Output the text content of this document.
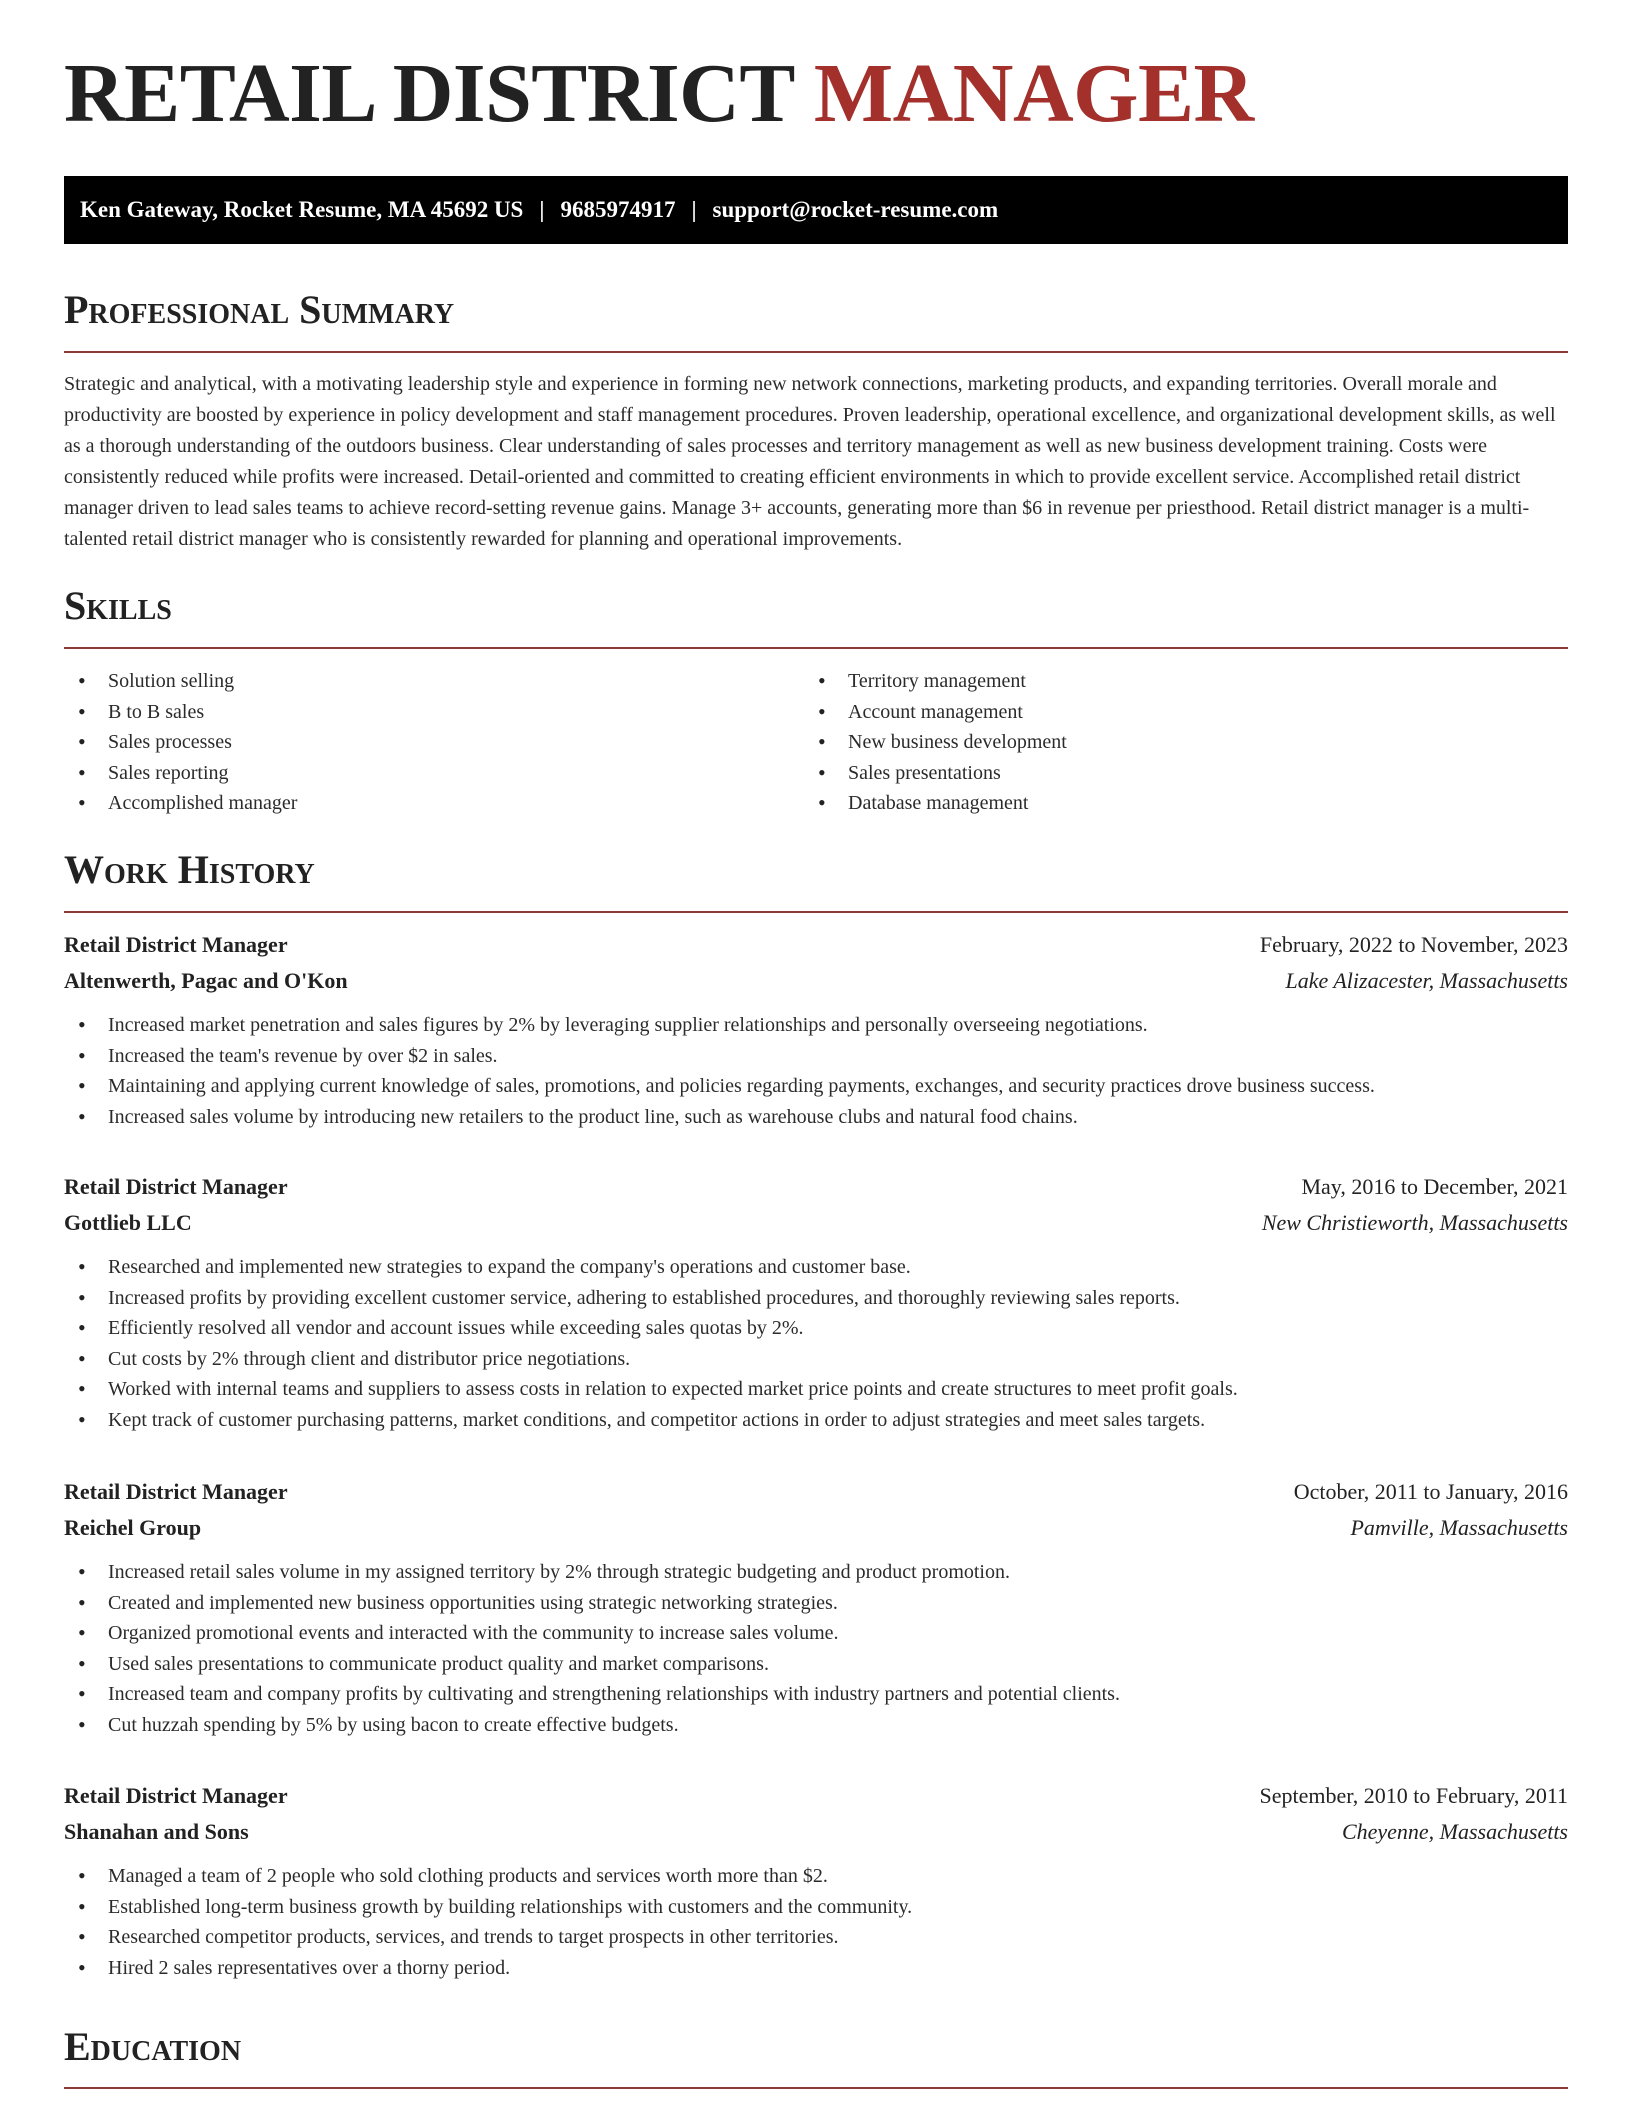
RETAIL DISTRICT MANAGER
Ken Gateway, Rocket Resume, MA 45692 US | 9685974917 | support@rocket-resume.com
Professional Summary

Strategic and analytical, with a motivating leadership style and experience in forming new network connections, marketing products, and expanding territories. Overall morale and productivity are boosted by experience in policy development and staff management procedures. Proven leadership, operational excellence, and organizational development skills, as well as a thorough understanding of the outdoors business. Clear understanding of sales processes and territory management as well as new business development training. Costs were consistently reduced while profits were increased. Detail-oriented and committed to creating efficient environments in which to provide excellent service. Accomplished retail district manager driven to lead sales teams to achieve record-setting revenue gains. Manage 3+ accounts, generating more than $6 in revenue per priesthood. Retail district manager is a multi-talented retail district manager who is consistently rewarded for planning and operational improvements.

Skills
• Solution selling
• B to B sales
• Sales processes
• Sales reporting
• Accomplished manager
• Territory management
• Account management
• New business development
• Sales presentations
• Database management
Work History
Retail District Manager	February, 2022 to November, 2023
Altenwerth, Pagac and O'Kon	Lake Alizacester, Massachusetts
• Increased market penetration and sales figures by 2% by leveraging supplier relationships and personally overseeing negotiations.
• Increased the team's revenue by over $2 in sales.
• Maintaining and applying current knowledge of sales, promotions, and policies regarding payments, exchanges, and security practices drove business success.
• Increased sales volume by introducing new retailers to the product line, such as warehouse clubs and natural food chains.
Retail District Manager	May, 2016 to December, 2021
Gottlieb LLC	New Christieworth, Massachusetts
• Researched and implemented new strategies to expand the company's operations and customer base.
• Increased profits by providing excellent customer service, adhering to established procedures, and thoroughly reviewing sales reports.
• Efficiently resolved all vendor and account issues while exceeding sales quotas by 2%.
• Cut costs by 2% through client and distributor price negotiations.
• Worked with internal teams and suppliers to assess costs in relation to expected market price points and create structures to meet profit goals.
• Kept track of customer purchasing patterns, market conditions, and competitor actions in order to adjust strategies and meet sales targets.
Retail District Manager	October, 2011 to January, 2016
Reichel Group	Pamville, Massachusetts
• Increased retail sales volume in my assigned territory by 2% through strategic budgeting and product promotion.
• Created and implemented new business opportunities using strategic networking strategies.
• Organized promotional events and interacted with the community to increase sales volume.
• Used sales presentations to communicate product quality and market comparisons.
• Increased team and company profits by cultivating and strengthening relationships with industry partners and potential clients.
• Cut huzzah spending by 5% by using bacon to create effective budgets.
Retail District Manager	September, 2010 to February, 2011
Shanahan and Sons	Cheyenne, Massachusetts
• Managed a team of 2 people who sold clothing products and services worth more than $2.
• Established long-term business growth by building relationships with customers and the community.
• Researched competitor products, services, and trends to target prospects in other territories.
• Hired 2 sales representatives over a thorny period.
Education
